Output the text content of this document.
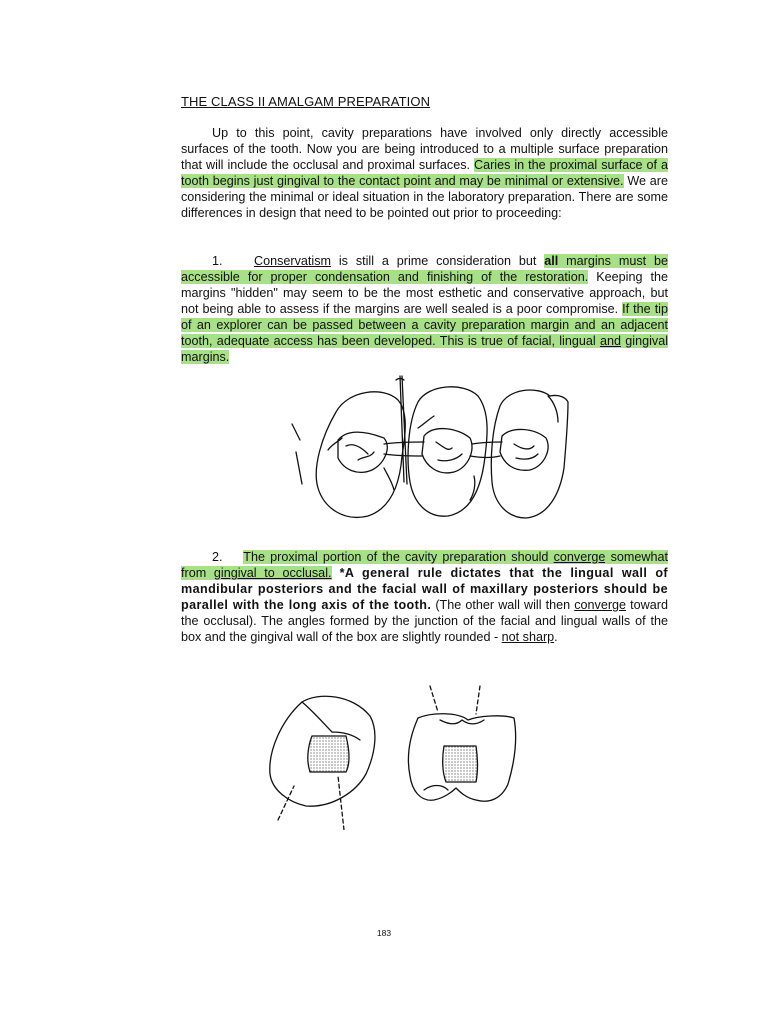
THE CLASS II AMALGAM PREPARATION
Up to this point, cavity preparations have involved only directly accessible surfaces of the tooth. Now you are being introduced to a multiple surface preparation that will include the occlusal and proximal surfaces. Caries in the proximal surface of a tooth begins just gingival to the contact point and may be minimal or extensive. We are considering the minimal or ideal situation in the laboratory preparation. There are some differences in design that need to be pointed out prior to proceeding:
1. Conservatism is still a prime consideration but all margins must be accessible for proper condensation and finishing of the restoration. Keeping the margins "hidden" may seem to be the most esthetic and conservative approach, but not being able to assess if the margins are well sealed is a poor compromise. If the tip of an explorer can be passed between a cavity preparation margin and an adjacent tooth, adequate access has been developed. This is true of facial, lingual and gingival margins.
2. The proximal portion of the cavity preparation should converge somewhat from gingival to occlusal. *A general rule dictates that the lingual wall of mandibular posteriors and the facial wall of maxillary posteriors should be parallel with the long axis of the tooth. (The other wall will then converge toward the occlusal). The angles formed by the junction of the facial and lingual walls of the box and the gingival wall of the box are slightly rounded - not sharp.
183
